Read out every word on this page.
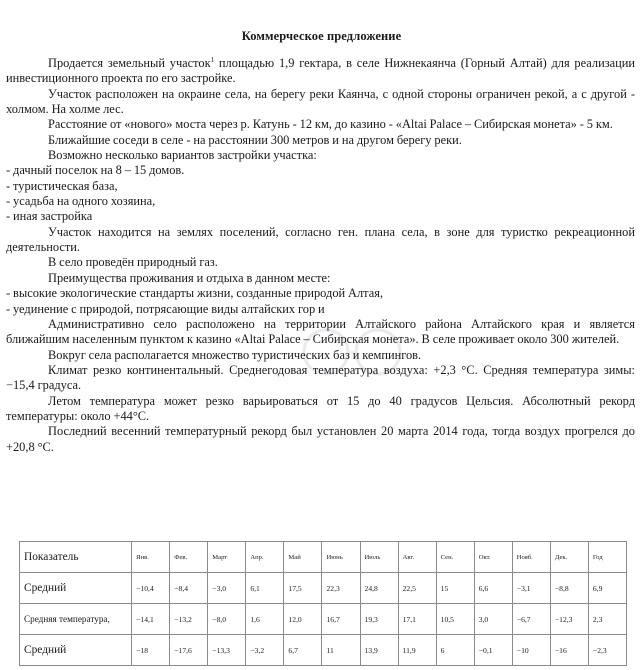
Коммерческое предложение

Продается земельный участок$^1$ площадью 1,9 гектара, в селе Нижнекаянча (Горный Алтай) для реализации инвестиционного проекта по его застройке.

Участок расположен на окраине села, на берегу реки Каянча, с одной стороны ограничен рекой, а с другой - холмом. На холме лес.

Расстояние от «нового» моста через р. Катунь - 12 км, до казино - «Altai Palace – Сибирская монета» - 5 км.

Ближайшие соседи в селе - на расстоянии 300 метров и на другом берегу реки.

Возможно несколько вариантов застройки участка:

- дачный поселок на 8 – 15 домов.

- туристическая база,

- усадьба на одного хозяина,

- иная застройка

Участок находится на землях поселений, согласно ген. плана села, в зоне для туристко рекреационной деятельности.

В село проведён природный газ.

Преимущества проживания и отдыха в данном месте:

- высокие экологические стандарты жизни, созданные природой Алтая,

- уединение с природой, потрясающие виды алтайских гор и

Административно село расположено на территории Алтайского района Алтайского края и является ближайшим населенным пунктом к казино «Altai Palace – Сибирская монета». В селе проживает около 300 жителей.

Вокруг села располагается множество туристических баз и кемпингов.

Климат резко континентальный. Среднегодовая температура воздуха: +2,3 °C. Средняя температура зимы: −15,4 градуса.

Летом температура может резко варьироваться от 15 до 40 градусов Цельсия. Абсолютный рекорд температуры: около +44°C.

Последний весенний температурный рекорд был установлен 20 марта 2014 года, тогда воздух прогрелся до +20,8 °C.

Показатель	Янв.	Фев.	Март	Апр.	Май	Июнь	Июль	Авг.	Сен.	Окт.	Нояб.	Дек.	Год
Средний	−10,4	−8,4	−3,0	6,1	17,5	22,3	24,8	22,5	15	6,6	−3,1	−8,8	6,9
Средняя температура,	−14,1	−13,2	−8,0	1,6	12,0	16,7	19,3	17,1	10,5	3,0	−6,7	−12,3	2,3
Средний	−18	−17,6	−13,3	−3,2	6,7	11	13,9	11,9	6	−0,1	−10	−16	−2,3
